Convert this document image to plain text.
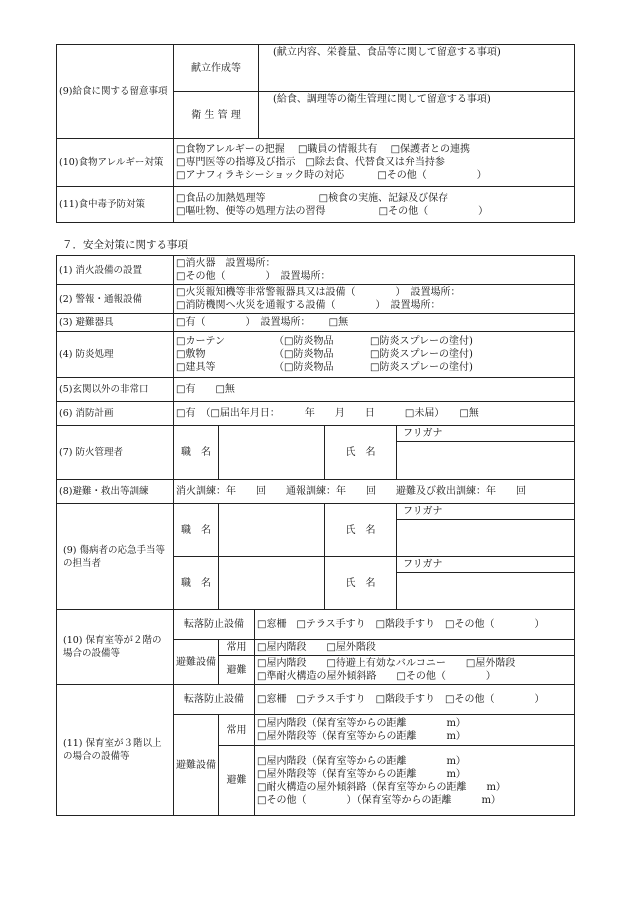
(9)給食に関する留意事項	献立作成等	(献立内容、栄養量、食品等に関して留意する事項)
	衛 生 管 理	(給食、調理等の衛生管理に関して留意する事項)
(10)食物アレルギー対策	□食物アレルギーの把握　 □職員の情報共有　 □保護者との連携
□専門医等の指導及び指示　□除去食、代替食又は弁当持参
□アナフィラキシーショック時の対応　　　 □その他（　　　　　）	

(11)食中毒予防対策	□食品の加熱処理等　　　　　 □検食の実施、記録及び保存
□嘔吐物、便等の処理方法の習得　　　　　 □その他（　　　　　）	
７．安全対策に関する事項
(1) 消火設備の設置	□消火器　設置場所：
□その他（　　　　）　設置場所：				

(2) 警報・通報設備	□火災報知機等非常警報器具又は設備（　　　　）　設置場所：
□消防機関へ火災を通報する設備（　　　　）　設置場所：				

(3) 避難器具	□有（　　　　）　設置場所：　　 □無				
(4) 防炎処理	□カーテン （□防炎物品 □防炎スプレーの塗付)
□敷物 （□防炎物品 □防炎スプレーの塗付)
□建具等 （□防炎物品 □防炎スプレーの塗付)				

(5)玄関以外の非常口	□有　　□無				
(6) 消防計画	□有　（□届出年月日：　　　年　　月　　日　　　□未届）　　□無				
(7) 防火管理者	職　名			氏　名	フリガナ

(8)避難・救出等訓練	消火訓練：年　　回　　通報訓練：年　　回　　避難及び救出訓練：年　　回				
(9) 傷病者の応急手当等の担当者	職　名			氏　名	フリガナ

	職　名			氏　名	フリガナ

(10) 保育室等が２階の場合の設備等	転落防止設備		□窓柵　□テラス手すり　□階段手すり　□その他（　　　　）		
	避難設備	常用	□屋内階段　　□屋外階段		
		避難	□屋内階段　　□待避上有効なバルコニー　　□屋外階段
□準耐火構造の屋外傾斜路　　□その他（　　　　）		

(11) 保育室が３階以上の場合の設備等	転落防止設備		□窓柵　□テラス手すり　□階段手すり　□その他（　　　　）		
	避難設備	常用	□屋内階段（保育室等からの距離　　　　m）
□屋外階段等（保育室等からの距離　　　m）		

		避難	□屋内階段（保育室等からの距離　　　　m）
□屋外階段等（保育室等からの距離　　　m）
□耐火構造の屋外傾斜路（保育室等からの距離　　m）
□その他（　　　　）（保育室等からの距離　　　m）		
